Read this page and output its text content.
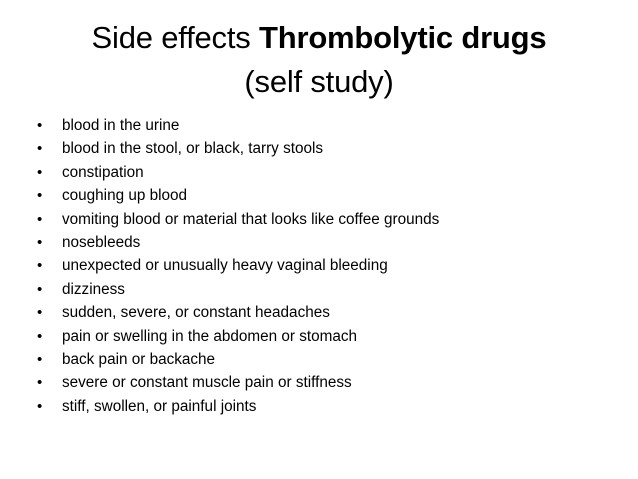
Side effects Thrombolytic drugs
(self study)
•	blood in the urine
•	blood in the stool, or black, tarry stools
•	constipation
•	coughing up blood
•	vomiting blood or material that looks like coffee grounds
•	nosebleeds
•	unexpected or unusually heavy vaginal bleeding
•	dizziness
•	sudden, severe, or constant headaches
•	pain or swelling in the abdomen or stomach
•	back pain or backache
•	severe or constant muscle pain or stiffness
•	stiff, swollen, or painful joints
